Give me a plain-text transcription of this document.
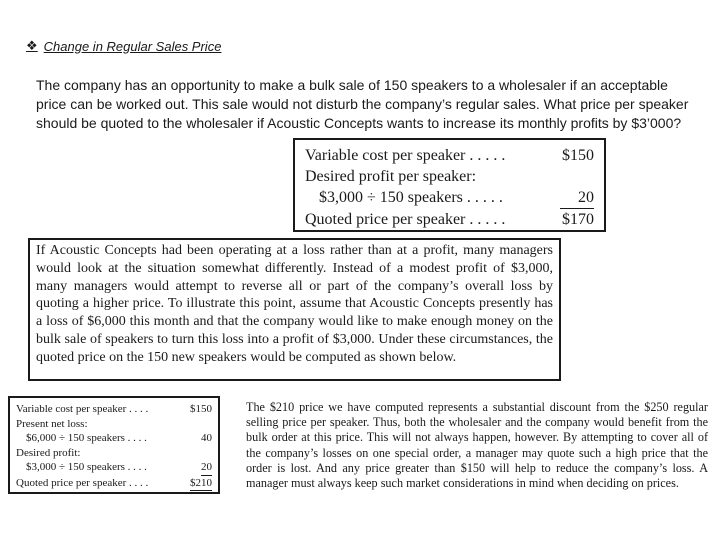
❖ Change in Regular Sales Price
The company has an opportunity to make a bulk sale of 150 speakers to a wholesaler if an acceptable price can be worked out. This sale would not disturb the company’s regular sales. What price per speaker should be quoted to the wholesaler if Acoustic Concepts wants to increase its monthly profits by $3’000?
Variable cost per speaker . . . . .	$150
Desired profit per speaker:
$3,000 ÷ 150 speakers . . . . .	20
Quoted price per speaker . . . . .	$170
If Acoustic Concepts had been operating at a loss rather than at a profit, many managers would look at the situation somewhat differently. Instead of a modest profit of $3,000, many managers would attempt to reverse all or part of the company’s overall loss by quoting a higher price. To illustrate this point, assume that Acoustic Concepts presently has a loss of $6,000 this month and that the company would like to make enough money on the bulk sale of speakers to turn this loss into a profit of $3,000. Under these circumstances, the quoted price on the 150 new speakers would be computed as shown below.
Variable cost per speaker . . . .	$150
Present net loss:
$6,000 ÷ 150 speakers . . . .	40
Desired profit:
$3,000 ÷ 150 speakers . . . .	20
Quoted price per speaker . . . .	$210
The $210 price we have computed represents a substantial discount from the $250 regular selling price per speaker. Thus, both the wholesaler and the company would benefit from the bulk order at this price. This will not always happen, however. By attempting to cover all of the company’s losses on one special order, a manager may quote such a high price that the order is lost. And any price greater than $150 will help to reduce the company’s loss. A manager must always keep such market considerations in mind when deciding on prices.
